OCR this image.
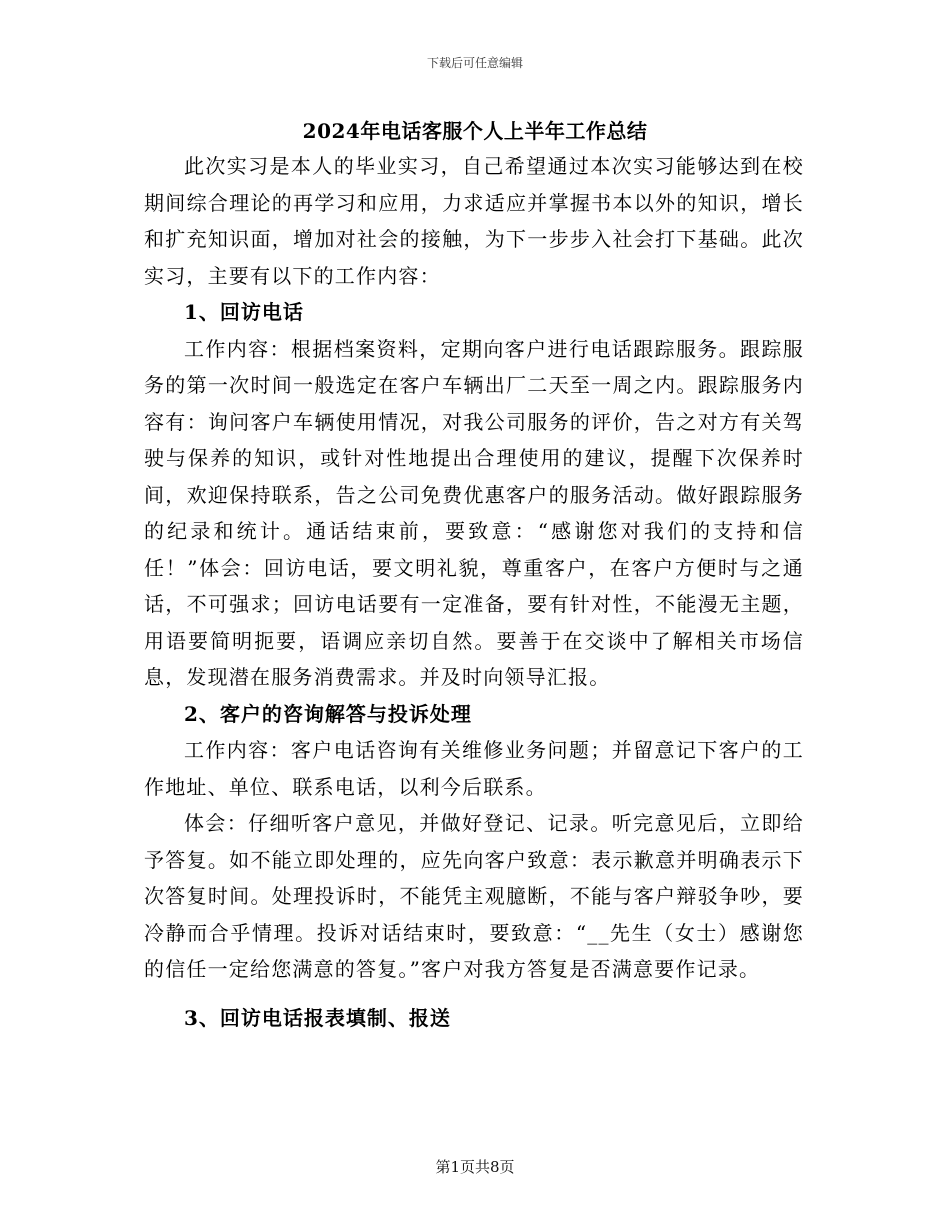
下载后可任意编辑
2024年电话客服个人上半年工作总结

此次实习是本人的毕业实习，自己希望通过本次实习能够达到在校期间综合理论的再学习和应用，力求适应并掌握书本以外的知识，增长和扩充知识面，增加对社会的接触，为下一步步入社会打下基础。此次实习，主要有以下的工作内容：

1、回访电话

工作内容：根据档案资料，定期向客户进行电话跟踪服务。跟踪服务的第一次时间一般选定在客户车辆出厂二天至一周之内。跟踪服务内容有：询问客户车辆使用情况，对我公司服务的评价，告之对方有关驾驶与保养的知识，或针对性地提出合理使用的建议，提醒下次保养时间，欢迎保持联系，告之公司免费优惠客户的服务活动。做好跟踪服务的纪录和统计。通话结束前，要致意：“感谢您对我们的支持和信任！”体会：回访电话，要文明礼貌，尊重客户，在客户方便时与之通话，不可强求；回访电话要有一定准备，要有针对性，不能漫无主题，用语要简明扼要，语调应亲切自然。要善于在交谈中了解相关市场信息，发现潜在服务消费需求。并及时向领导汇报。

2、客户的咨询解答与投诉处理

工作内容：客户电话咨询有关维修业务问题；并留意记下客户的工作地址、单位、联系电话，以利今后联系。

体会：仔细听客户意见，并做好登记、记录。听完意见后，立即给予答复。如不能立即处理的，应先向客户致意：表示歉意并明确表示下次答复时间。处理投诉时，不能凭主观臆断，不能与客户辩驳争吵，要冷静而合乎情理。投诉对话结束时，要致意：“__先生（女士）感谢您的信任一定给您满意的答复。”客户对我方答复是否满意要作记录。

3、回访电话报表填制、报送

第1页共8页
